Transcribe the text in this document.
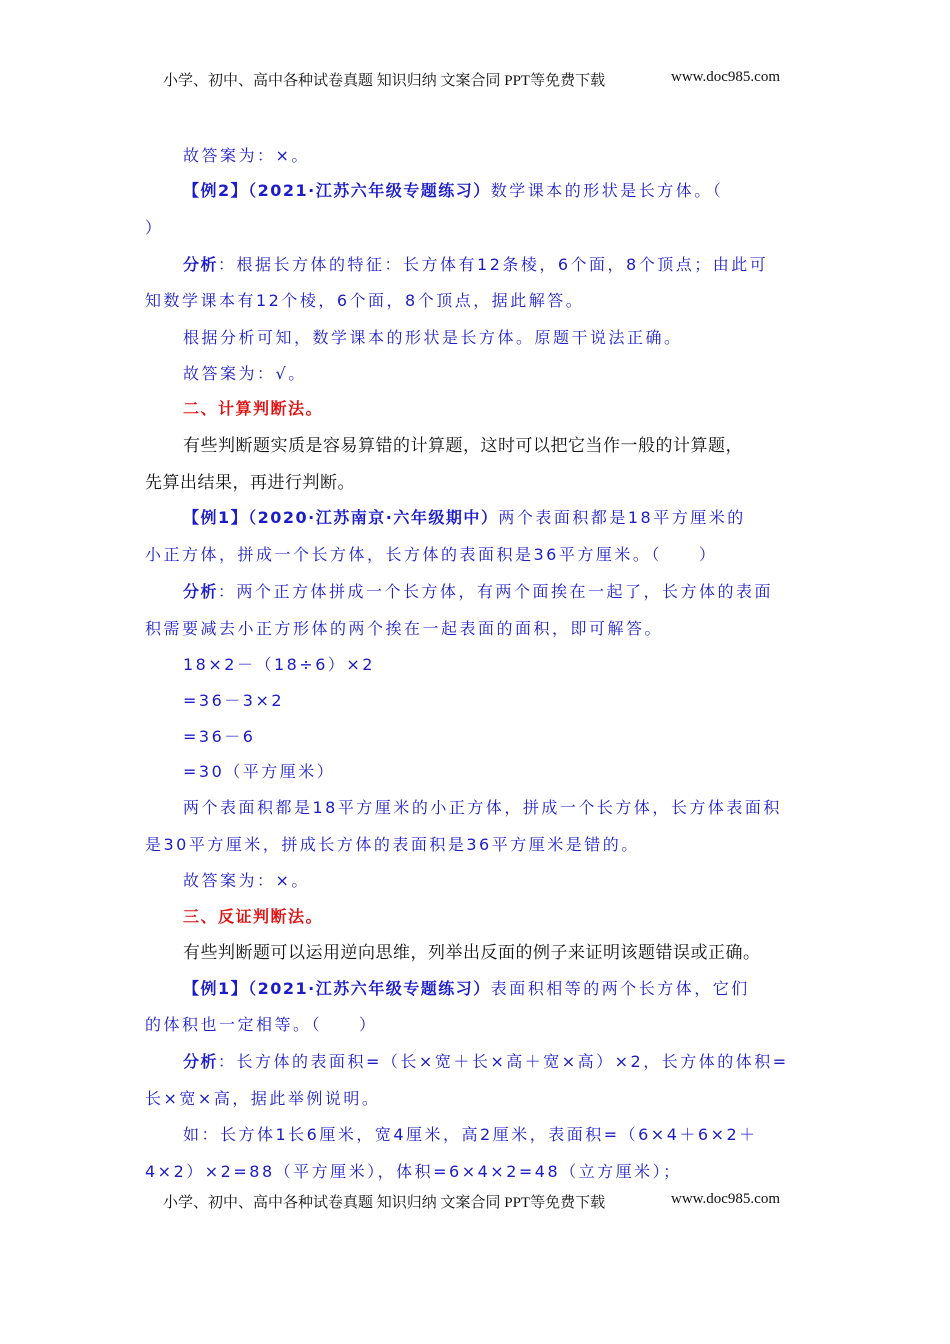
小学、初中、高中各种试卷真题 知识归纳 文案合同 PPT等免费下载	www.doc985.com
故答案为：×。
【例2】（2021·江苏六年级专题练习）数学课本的形状是长方体。（
）
分析：根据长方体的特征：长方体有12条棱，6个面，8个顶点；由此可
知数学课本有12个棱，6个面，8个顶点，据此解答。
根据分析可知，数学课本的形状是长方体。原题干说法正确。
故答案为：√。
二、计算判断法。
有些判断题实质是容易算错的计算题，这时可以把它当作一般的计算题，
先算出结果，再进行判断。
【例1】（2020·江苏南京·六年级期中）两个表面积都是18平方厘米的
小正方体，拼成一个长方体，长方体的表面积是36平方厘米。（　　）
分析：两个正方体拼成一个长方体，有两个面挨在一起了，长方体的表面
积需要减去小正方形体的两个挨在一起表面的面积，即可解答。
18×2－（18÷6）×2
=36－3×2
=36－6
=30（平方厘米）
两个表面积都是18平方厘米的小正方体，拼成一个长方体，长方体表面积
是30平方厘米，拼成长方体的表面积是36平方厘米是错的。
故答案为：×。
三、反证判断法。
有些判断题可以运用逆向思维，列举出反面的例子来证明该题错误或正确。
【例1】（2021·江苏六年级专题练习）表面积相等的两个长方体，它们
的体积也一定相等。（　　）
分析：长方体的表面积=（长×宽＋长×高＋宽×高）×2，长方体的体积=
长×宽×高，据此举例说明。
如：长方体1长6厘米，宽4厘米，高2厘米，表面积=（6×4＋6×2＋
4×2）×2=88（平方厘米），体积=6×4×2=48（立方厘米）；
小学、初中、高中各种试卷真题 知识归纳 文案合同 PPT等免费下载	www.doc985.com
